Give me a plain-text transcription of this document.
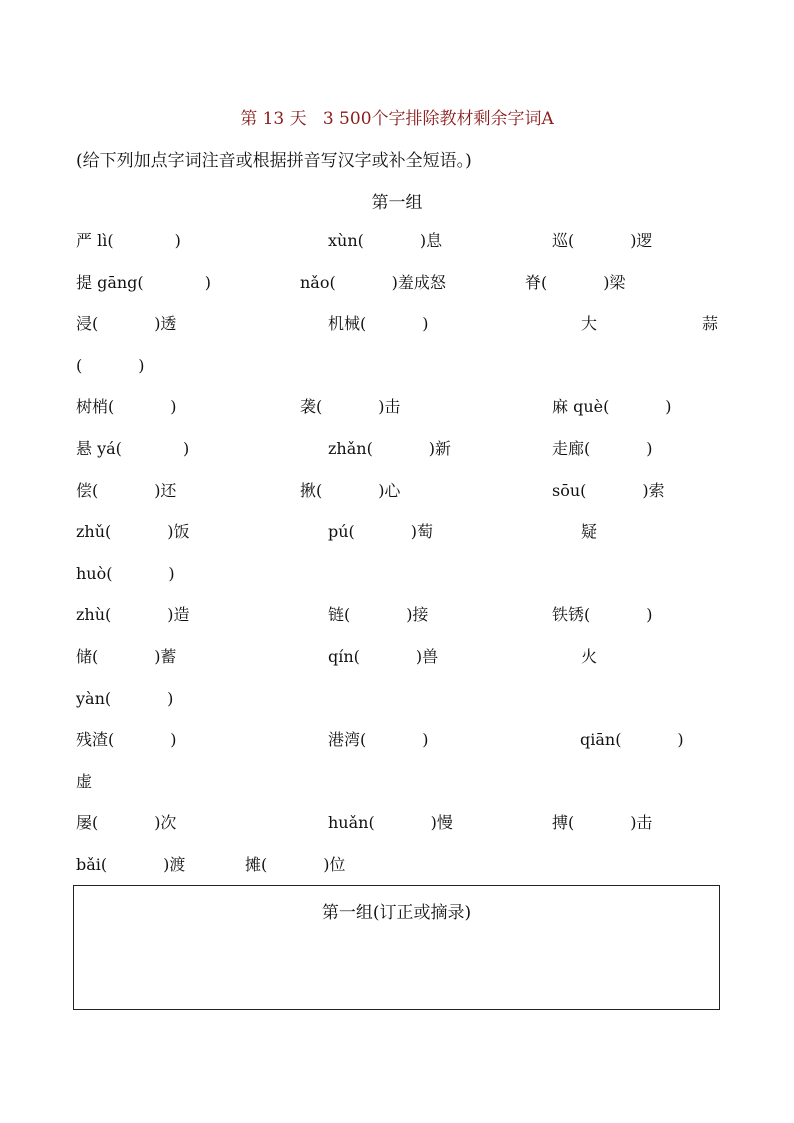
第 13 天   3 500个字排除教材剩余字词A
(给下列加点字词注音或根据拼音写汉字或补全短语。)
第一组
严 lì(            )	xùn(           )息	巡(           )逻
提 gāng(            )	nǎo(           )羞成怒	脊(           )梁
浸(           )透	机械(           )	大	蒜
(           )
树梢(           )	袭(           )击	麻 què(           )
悬 yá(            )	zhǎn(           )新	走廊(           )
偿(           )还	揪(           )心	sōu(           )索
zhǔ(           )饭	pú(           )萄	疑
huò(           )
zhù(           )造	链(           )接	铁锈(           )
储(           )蓄	qín(           )兽	火
yàn(           )
残渣(           )	港湾(           )	qiān(           )
虚
屡(           )次	huǎn(           )慢	搏(           )击
bǎi(           )渡	摊(           )位
第一组(订正或摘录)
